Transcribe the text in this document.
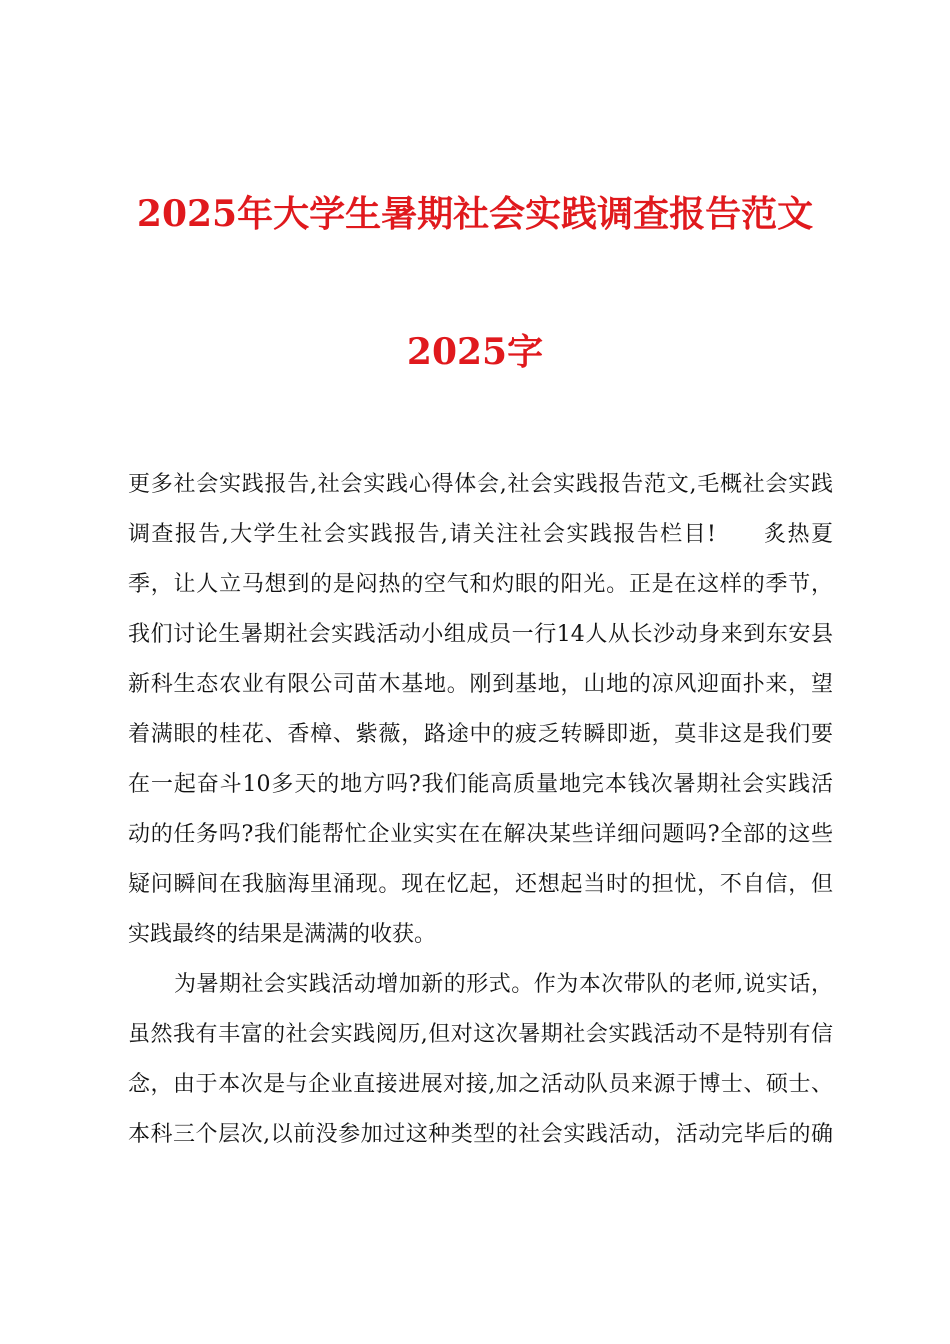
2025年大学生暑期社会实践调查报告范文
2025字
更多社会实践报告,社会实践心得体会,社会实践报告范文,毛概社会实践
调查报告,大学生社会实践报告,请关注社会实践报告栏目!　　炙热夏
季，让人立马想到的是闷热的空气和灼眼的阳光。正是在这样的季节，
我们讨论生暑期社会实践活动小组成员一行14人从长沙动身来到东安县
新科生态农业有限公司苗木基地。刚到基地，山地的凉风迎面扑来，望
着满眼的桂花、香樟、紫薇，路途中的疲乏转瞬即逝，莫非这是我们要
在一起奋斗10多天的地方吗?我们能高质量地完本钱次暑期社会实践活
动的任务吗?我们能帮忙企业实实在在解决某些详细问题吗?全部的这些
疑问瞬间在我脑海里涌现。现在忆起，还想起当时的担忧，不自信，但
实践最终的结果是满满的收获。
为暑期社会实践活动增加新的形式。作为本次带队的老师,说实话，
虽然我有丰富的社会实践阅历,但对这次暑期社会实践活动不是特别有信
念，由于本次是与企业直接进展对接,加之活动队员来源于博士、硕士、
本科三个层次,以前没参加过这种类型的社会实践活动，活动完毕后的确
